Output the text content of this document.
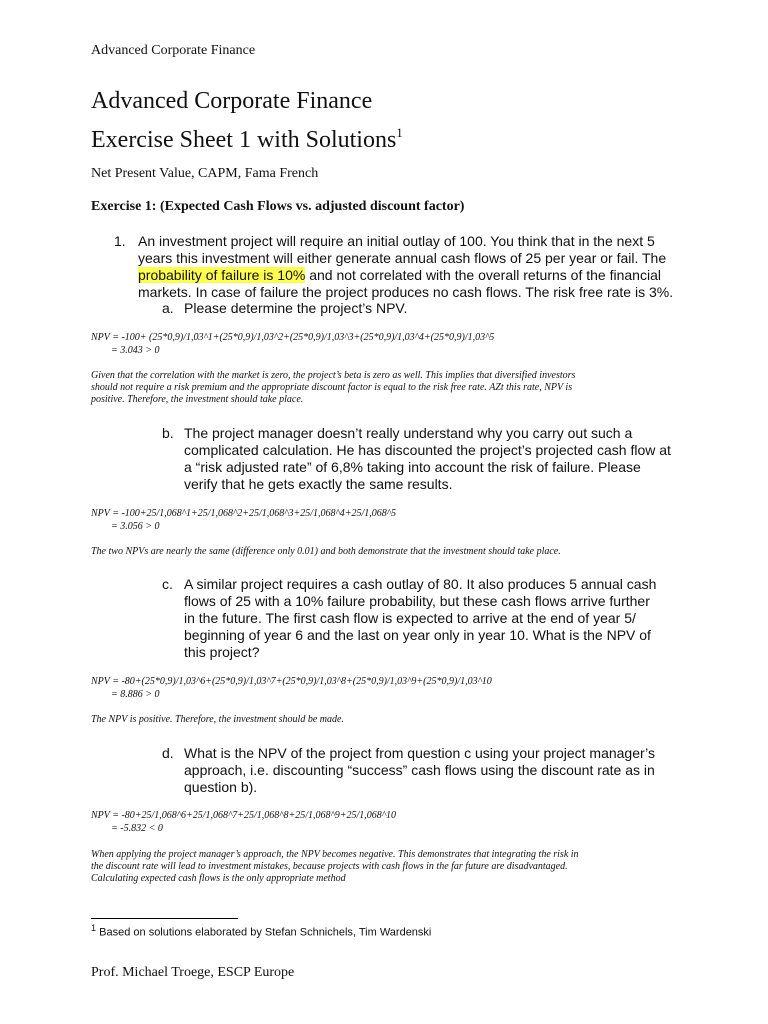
Advanced Corporate Finance
Advanced Corporate Finance
Exercise Sheet 1 with Solutions$^1$
Net Present Value, CAPM, Fama French
Exercise 1: (Expected Cash Flows vs. adjusted discount factor)
1. An investment project will require an initial outlay of 100. You think that in the next 5
years this investment will either generate annual cash flows of 25 per year or fail. The
probability of failure is 10% and not correlated with the overall returns of the financial
markets. In case of failure the project produces no cash flows. The risk free rate is 3%.
a. Please determine the project’s NPV.
NPV = -100+ (25*0,9)/1,03^1+(25*0,9)/1,03^2+(25*0,9)/1,03^3+(25*0,9)/1,03^4+(25*0,9)/1,03^5
= 3.043 > 0
Given that the correlation with the market is zero, the project’s beta is zero as well. This implies that diversified investors
should not require a risk premium and the appropriate discount factor is equal to the risk free rate. AZt this rate, NPV is
positive. Therefore, the investment should take place.
b. The project manager doesn’t really understand why you carry out such a
complicated calculation. He has discounted the project’s projected cash flow at
a “risk adjusted rate” of 6,8% taking into account the risk of failure. Please
verify that he gets exactly the same results.
NPV = -100+25/1,068^1+25/1,068^2+25/1,068^3+25/1,068^4+25/1,068^5
= 3.056 > 0
The two NPVs are nearly the same (difference only 0.01) and both demonstrate that the investment should take place.
c. A similar project requires a cash outlay of 80. It also produces 5 annual cash
flows of 25 with a 10% failure probability, but these cash flows arrive further
in the future. The first cash flow is expected to arrive at the end of year 5/
beginning of year 6 and the last on year only in year 10. What is the NPV of
this project?
NPV = -80+(25*0,9)/1,03^6+(25*0,9)/1,03^7+(25*0,9)/1,03^8+(25*0,9)/1,03^9+(25*0,9)/1,03^10
= 8.886 > 0
The NPV is positive. Therefore, the investment should be made.
d. What is the NPV of the project from question c using your project manager’s
approach, i.e. discounting “success” cash flows using the discount rate as in
question b).
NPV = -80+25/1,068^6+25/1,068^7+25/1,068^8+25/1,068^9+25/1,068^10
= -5.832 < 0
When applying the project manager’s approach, the NPV becomes negative. This demonstrates that integrating the risk in
the discount rate will lead to investment mistakes, because projects with cash flows in the far future are disadvantaged.
Calculating expected cash flows is the only appropriate method
$^1$ Based on solutions elaborated by Stefan Schnichels, Tim Wardenski
Prof. Michael Troege, ESCP Europe
